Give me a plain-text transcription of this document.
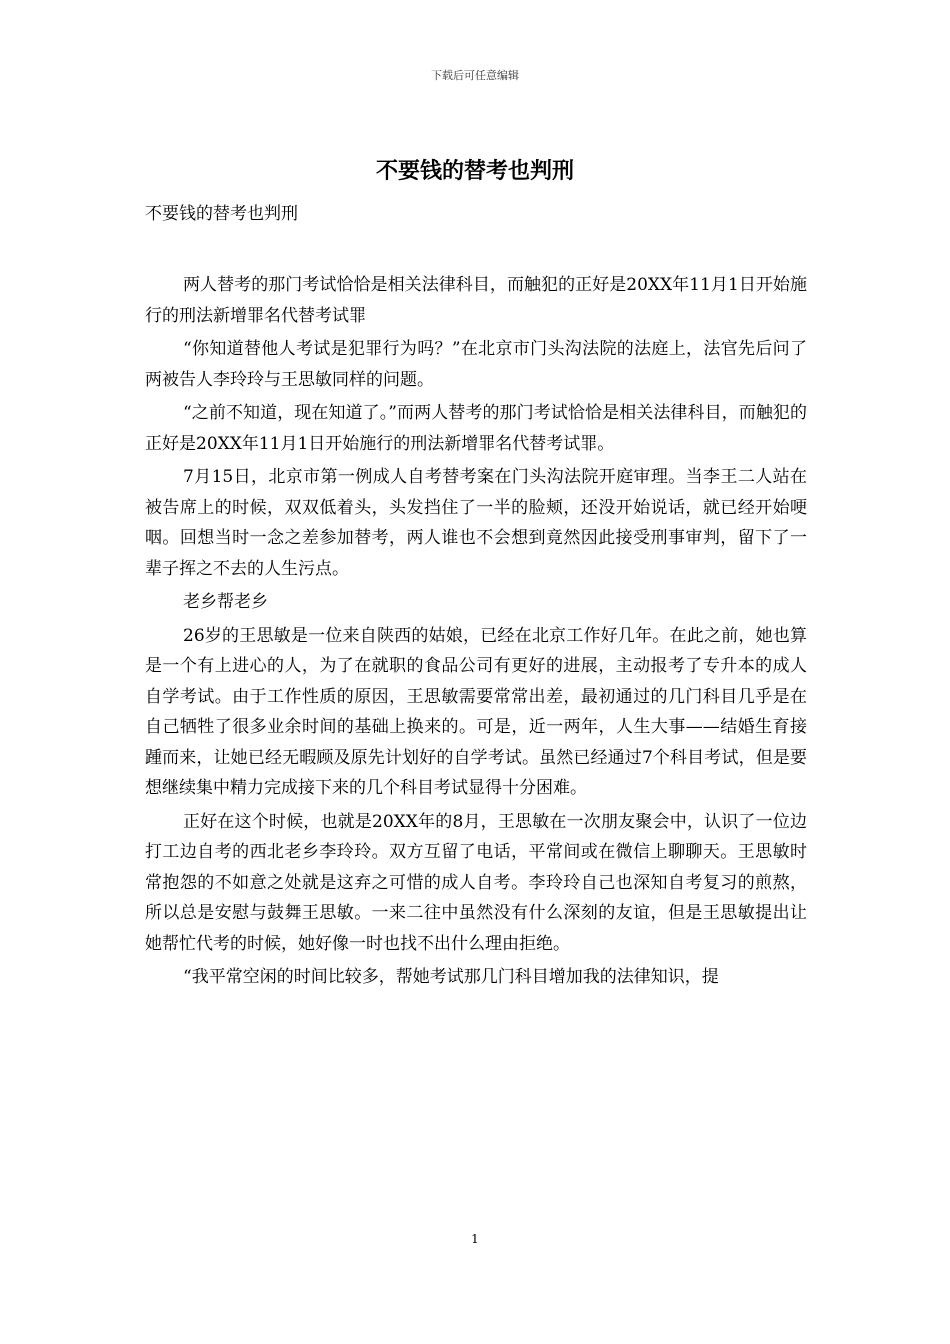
下载后可任意编辑
不要钱的替考也判刑

不要钱的替考也判刑

两人替考的那门考试恰恰是相关法律科目，而触犯的正好是20XX年11月1日开始施行的刑法新增罪名代替考试罪

“你知道替他人考试是犯罪行为吗？”在北京市门头沟法院的法庭上，法官先后问了两被告人李玲玲与王思敏同样的问题。

“之前不知道，现在知道了。”而两人替考的那门考试恰恰是相关法律科目，而触犯的正好是20XX年11月1日开始施行的刑法新增罪名代替考试罪。

7月15日，北京市第一例成人自考替考案在门头沟法院开庭审理。当李王二人站在被告席上的时候，双双低着头，头发挡住了一半的脸颊，还没开始说话，就已经开始哽咽。回想当时一念之差参加替考，两人谁也不会想到竟然因此接受刑事审判，留下了一辈子挥之不去的人生污点。

老乡帮老乡

26岁的王思敏是一位来自陕西的姑娘，已经在北京工作好几年。在此之前，她也算是一个有上进心的人，为了在就职的食品公司有更好的进展，主动报考了专升本的成人自学考试。由于工作性质的原因，王思敏需要常常出差，最初通过的几门科目几乎是在自己牺牲了很多业余时间的基础上换来的。可是，近一两年，人生大事——结婚生育接踵而来，让她已经无暇顾及原先计划好的自学考试。虽然已经通过7个科目考试，但是要想继续集中精力完成接下来的几个科目考试显得十分困难。

正好在这个时候，也就是20XX年的8月，王思敏在一次朋友聚会中，认识了一位边打工边自考的西北老乡李玲玲。双方互留了电话，平常间或在微信上聊聊天。王思敏时常抱怨的不如意之处就是这弃之可惜的成人自考。李玲玲自己也深知自考复习的煎熬，所以总是安慰与鼓舞王思敏。一来二往中虽然没有什么深刻的友谊，但是王思敏提出让她帮忙代考的时候，她好像一时也找不出什么理由拒绝。

“我平常空闲的时间比较多，帮她考试那几门科目增加我的法律知识，提

1
